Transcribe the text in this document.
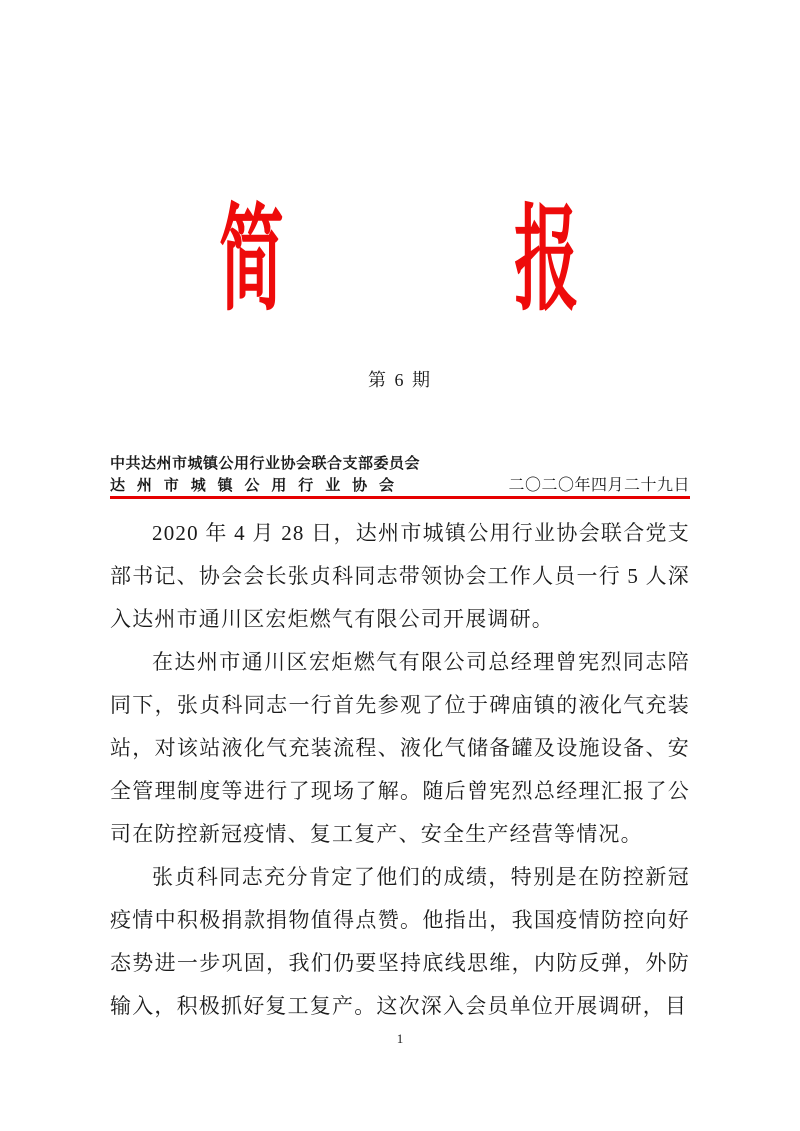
简 报
第 6 期
中共达州市城镇公用行业协会联合支部委员会
达州市城镇公用行业协会	二〇二〇年四月二十九日

2020 年 4 月 28 日，达州市城镇公用行业协会联合党支部书记、协会会长张贞科同志带领协会工作人员一行 5 人深入达州市通川区宏炬燃气有限公司开展调研。

在达州市通川区宏炬燃气有限公司总经理曾宪烈同志陪同下，张贞科同志一行首先参观了位于碑庙镇的液化气充装站，对该站液化气充装流程、液化气储备罐及设施设备、安全管理制度等进行了现场了解。随后曾宪烈总经理汇报了公司在防控新冠疫情、复工复产、安全生产经营等情况。

张贞科同志充分肯定了他们的成绩，特别是在防控新冠疫情中积极捐款捐物值得点赞。他指出，我国疫情防控向好态势进一步巩固，我们仍要坚持底线思维，内防反弹，外防输入，积极抓好复工复产。这次深入会员单位开展调研，目

1
